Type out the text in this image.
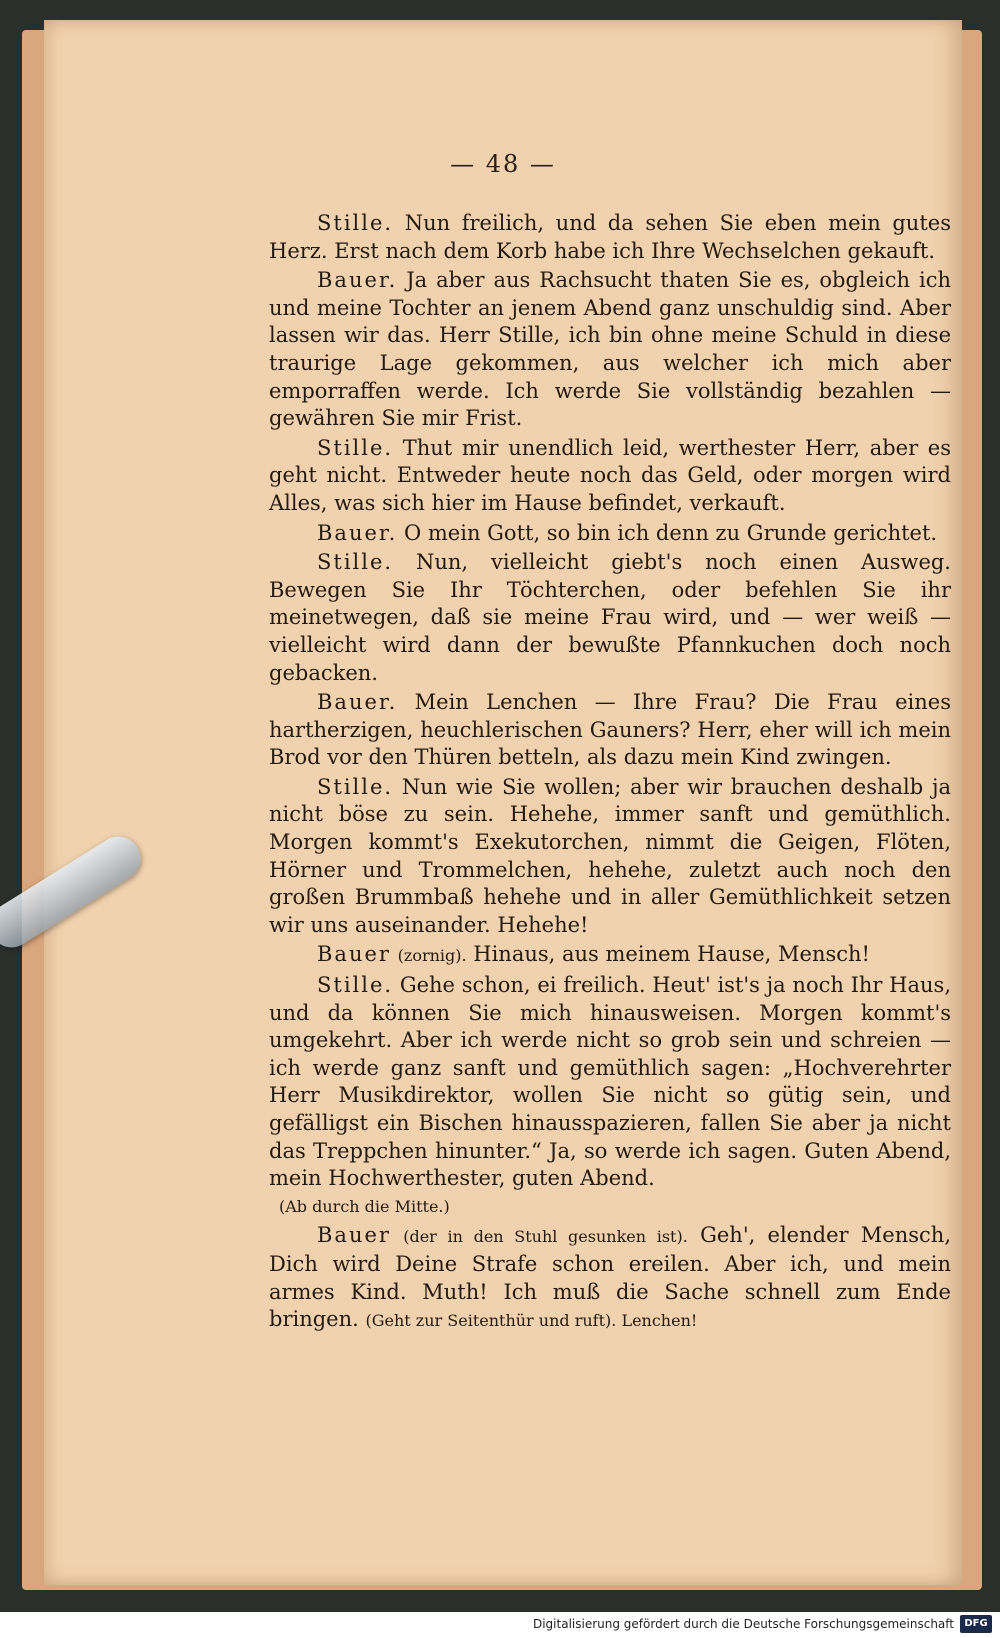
— 48 —

Stille. Nun freilich, und da sehen Sie eben mein gutes Herz. Erst nach dem Korb habe ich Ihre Wechselchen gekauft.

Bauer. Ja aber aus Rachsucht thaten Sie es, obgleich ich und meine Tochter an jenem Abend ganz unschuldig sind. Aber lassen wir das. Herr Stille, ich bin ohne meine Schuld in diese traurige Lage gekommen, aus welcher ich mich aber emporraffen werde. Ich werde Sie vollständig bezahlen — gewähren Sie mir Frist.

Stille. Thut mir unendlich leid, werthester Herr, aber es geht nicht. Entweder heute noch das Geld, oder morgen wird Alles, was sich hier im Hause befindet, verkauft.

Bauer. O mein Gott, so bin ich denn zu Grunde gerichtet.

Stille. Nun, vielleicht giebt's noch einen Ausweg. Bewegen Sie Ihr Töchterchen, oder befehlen Sie ihr meinetwegen, daß sie meine Frau wird, und — wer weiß — vielleicht wird dann der bewußte Pfannkuchen doch noch gebacken.

Bauer. Mein Lenchen — Ihre Frau? Die Frau eines hartherzigen, heuchlerischen Gauners? Herr, eher will ich mein Brod vor den Thüren betteln, als dazu mein Kind zwingen.

Stille. Nun wie Sie wollen; aber wir brauchen deshalb ja nicht böse zu sein. Hehehe, immer sanft und gemüthlich. Morgen kommt's Exekutorchen, nimmt die Geigen, Flöten, Hörner und Trommelchen, hehehe, zuletzt auch noch den großen Brummbaß hehehe und in aller Gemüthlichkeit setzen wir uns auseinander. Hehehe!

Bauer (zornig). Hinaus, aus meinem Hause, Mensch!

Stille. Gehe schon, ei freilich. Heut' ist's ja noch Ihr Haus, und da können Sie mich hinausweisen. Morgen kommt's umgekehrt. Aber ich werde nicht so grob sein und schreien — ich werde ganz sanft und gemüthlich sagen: „Hochverehrter Herr Musikdirektor, wollen Sie nicht so gütig sein, und gefälligst ein Bischen hinausspazieren, fallen Sie aber ja nicht das Treppchen hinunter.“ Ja, so werde ich sagen. Guten Abend, mein Hochwerthester, guten Abend.
(Ab durch die Mitte.)

Bauer (der in den Stuhl gesunken ist). Geh', elender Mensch, Dich wird Deine Strafe schon ereilen. Aber ich, und mein armes Kind. Muth! Ich muß die Sache schnell zum Ende bringen. (Geht zur Seitenthür und ruft). Lenchen!

Digitalisierung gefördert durch die Deutsche Forschungsgemeinschaft	DFG
